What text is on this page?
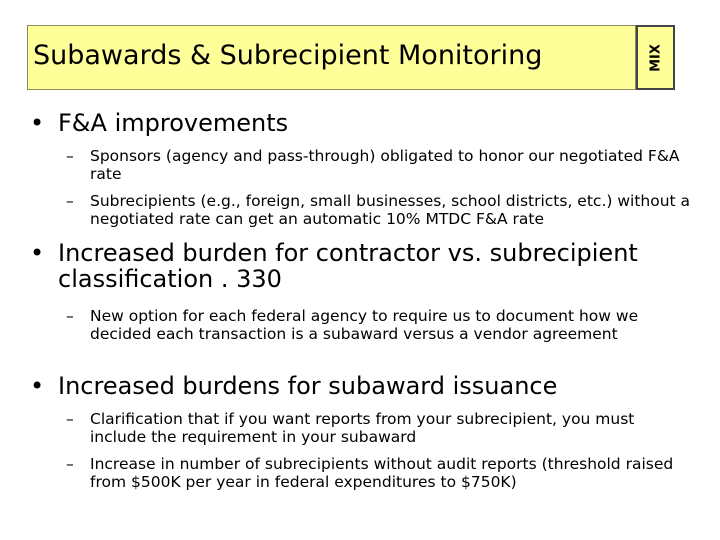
Subawards & Subrecipient Monitoring	MIX
• F&A improvements
– Sponsors (agency and pass-through) obligated to honor our negotiated F&A rate
– Subrecipients (e.g., foreign, small businesses, school districts, etc.) without a negotiated rate can get an automatic 10% MTDC F&A rate
• Increased burden for contractor vs. subrecipient classification . 330
– New option for each federal agency to require us to document how we decided each transaction is a subaward versus a vendor agreement
• Increased burdens for subaward issuance
– Clarification that if you want reports from your subrecipient, you must include the requirement in your subaward
– Increase in number of subrecipients without audit reports (threshold raised from $500K per year in federal expenditures to $750K)
